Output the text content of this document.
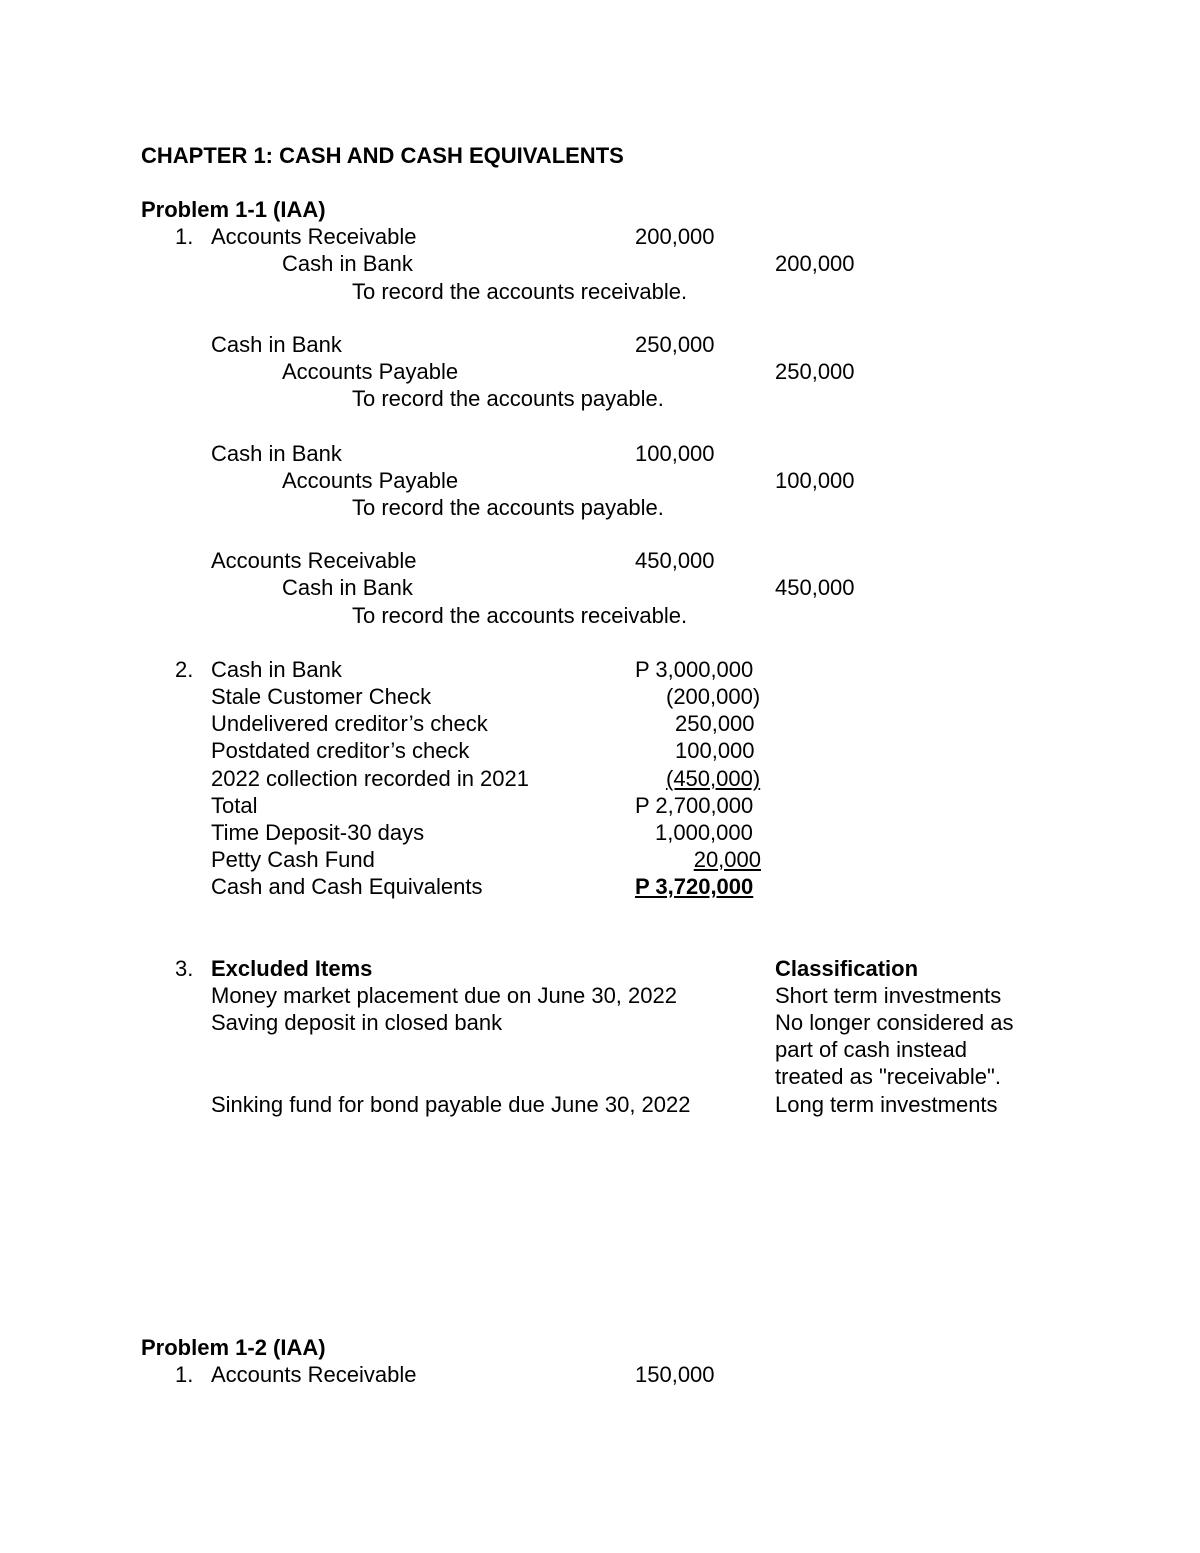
CHAPTER 1: CASH AND CASH EQUIVALENTS
Problem 1-1 (IAA)
1. Accounts Receivable	200,000
Cash in Bank	200,000
To record the accounts receivable.
Cash in Bank	250,000
Accounts Payable	250,000
To record the accounts payable.
Cash in Bank	100,000
Accounts Payable	100,000
To record the accounts payable.
Accounts Receivable	450,000
Cash in Bank	450,000
To record the accounts receivable.
2. Cash in Bank	P 3,000,000
Stale Customer Check	(200,000)
Undelivered creditor’s check	250,000
Postdated creditor’s check	100,000
2022 collection recorded in 2021	(450,000)
Total	P 2,700,000
Time Deposit-30 days	1,000,000
Petty Cash Fund	20,000
Cash and Cash Equivalents	P 3,720,000
3. Excluded Items	Classification
Money market placement due on June 30, 2022	Short term investments
Saving deposit in closed bank	No longer considered as
part of cash instead
treated as "receivable".
Sinking fund for bond payable due June 30, 2022	Long term investments
Problem 1-2 (IAA)
1. Accounts Receivable	150,000
